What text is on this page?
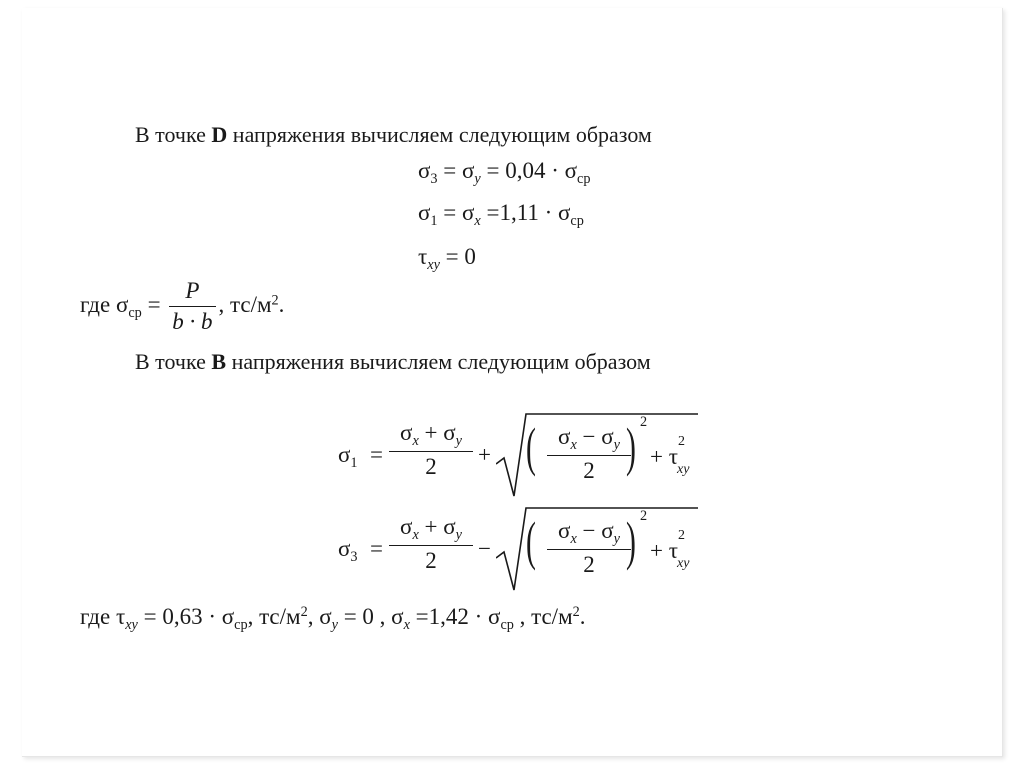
В точке D напряжения вычисляем следующим образом
$\sigma_3 = \sigma_y = 0,04 \cdot \sigma_{ср}$
$\sigma_1 = \sigma_x =1,11 \cdot \sigma_{ср}$
$\tau_{xy} = 0$
где $\sigma_{ср} = \frac{P}{b \cdot b}$ , $тс/м^2$.
В точке B напряжения вычисляем следующим образом
$\sigma_1 = \frac{\sigma_x + \sigma_y}{2}$ + ( $\frac{\sigma_x - \sigma_y}{2}$
) 2
+ τ
2
xy
$\sigma_3 = \frac{\sigma_x + \sigma_y}{2}$ − ( $\frac{\sigma_x - \sigma_y}{2}$
) 2
+ τ
2
xy
где $\tau_{xy} = 0,63 \cdot \sigma_{ср}$, $тс/м^2$, $\sigma_y = 0$ , $\sigma_x =1,42 \cdot \sigma_{ср}$ , $тс/м^2$.
